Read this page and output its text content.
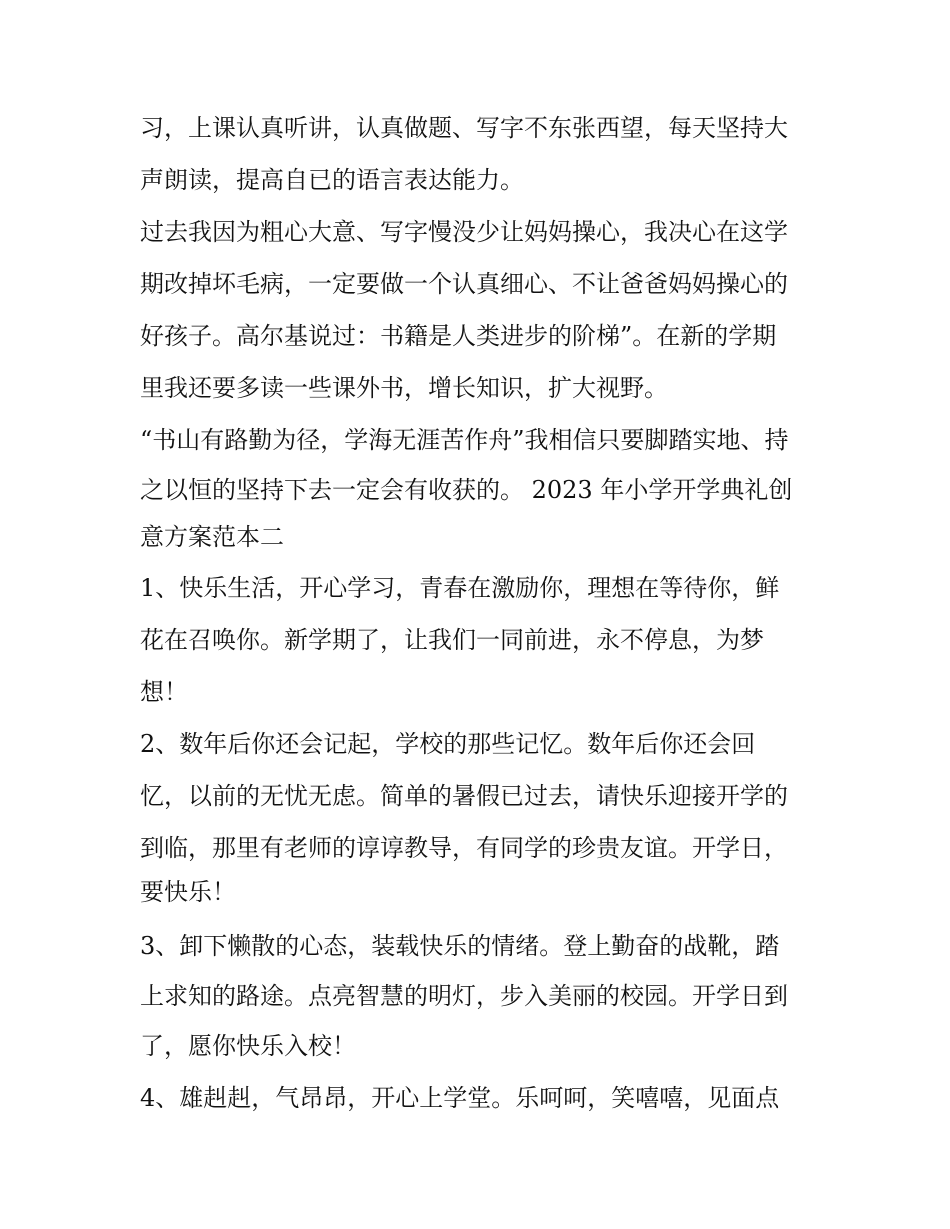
习，上课认真听讲，认真做题、写字不东张西望，每天坚持大
声朗读，提高自已的语言表达能力。
过去我因为粗心大意、写字慢没少让妈妈操心，我决心在这学
期改掉坏毛病，一定要做一个认真细心、不让爸爸妈妈操心的
好孩子。高尔基说过：书籍是人类进步的阶梯”。在新的学期
里我还要多读一些课外书，增长知识，扩大视野。
“书山有路勤为径，学海无涯苦作舟”我相信只要脚踏实地、持
之以恒的坚持下去一定会有收获的。 2023 年小学开学典礼创
意方案范本二
1、快乐生活，开心学习，青春在激励你，理想在等待你，鲜
花在召唤你。新学期了，让我们一同前进，永不停息，为梦
想！
2、数年后你还会记起，学校的那些记忆。数年后你还会回
忆，以前的无忧无虑。简单的暑假已过去，请快乐迎接开学的
到临，那里有老师的谆谆教导，有同学的珍贵友谊。开学日，
要快乐！
3、卸下懒散的心态，装载快乐的情绪。登上勤奋的战靴，踏
上求知的路途。点亮智慧的明灯，步入美丽的校园。开学日到
了，愿你快乐入校！
4、雄赳赳，气昂昂，开心上学堂。乐呵呵，笑嘻嘻，见面点
